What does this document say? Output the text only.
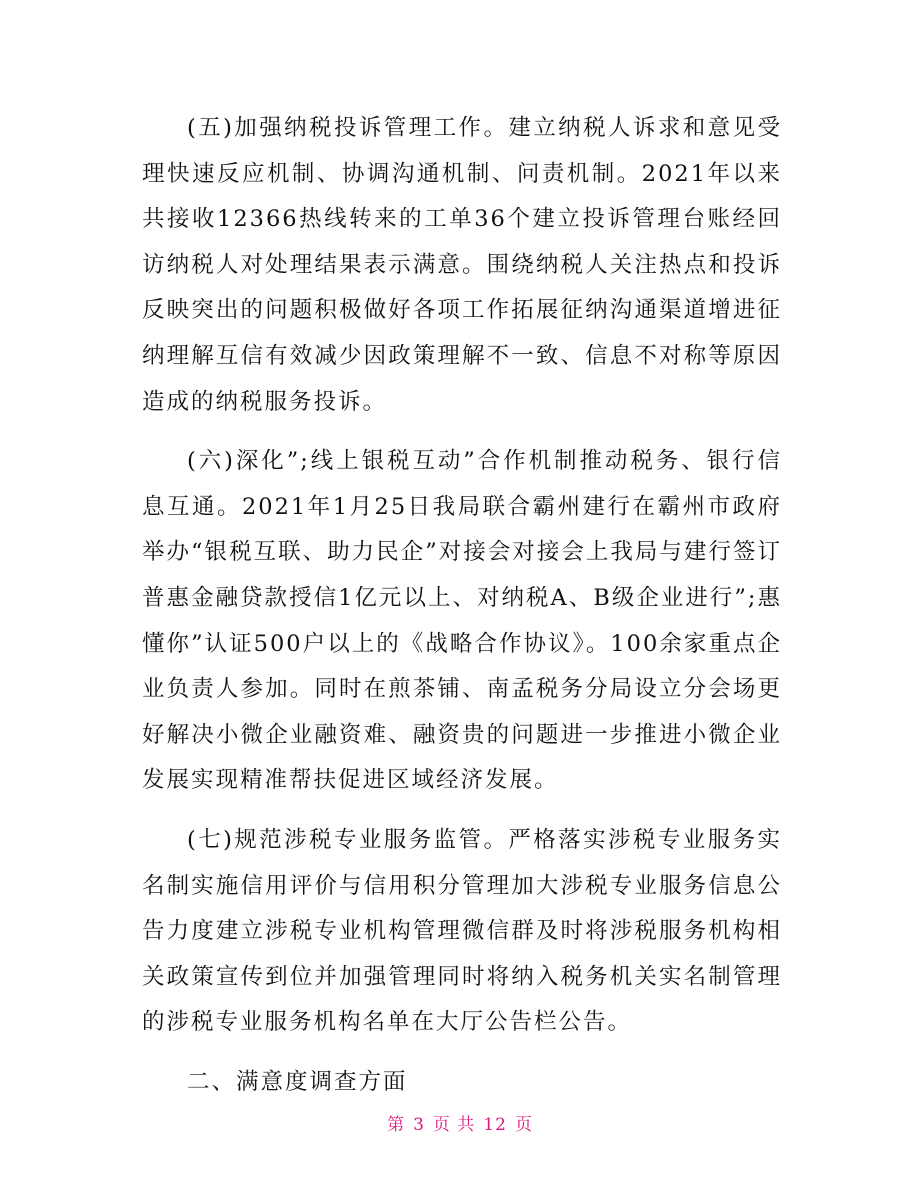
(五)加强纳税投诉管理工作。建立纳税人诉求和意见受理快速反应机制、协调沟通机制、问责机制。2021年以来共接收12366热线转来的工单36个建立投诉管理台账经回访纳税人对处理结果表示满意。围绕纳税人关注热点和投诉反映突出的问题积极做好各项工作拓展征纳沟通渠道增进征纳理解互信有效减少因政策理解不一致、信息不对称等原因造成的纳税服务投诉。

(六)深化”;线上银税互动”合作机制推动税务、银行信息互通。2021年1月25日我局联合霸州建行在霸州市政府举办“银税互联、助力民企”对接会对接会上我局与建行签订普惠金融贷款授信1亿元以上、对纳税A、B级企业进行”;惠懂你”认证500户以上的《战略合作协议》。100余家重点企业负责人参加。同时在煎茶铺、南孟税务分局设立分会场更好解决小微企业融资难、融资贵的问题进一步推进小微企业发展实现精准帮扶促进区域经济发展。

(七)规范涉税专业服务监管。严格落实涉税专业服务实名制实施信用评价与信用积分管理加大涉税专业服务信息公告力度建立涉税专业机构管理微信群及时将涉税服务机构相关政策宣传到位并加强管理同时将纳入税务机关实名制管理的涉税专业服务机构名单在大厅公告栏公告。

二、满意度调查方面

第 3 页 共 12 页
